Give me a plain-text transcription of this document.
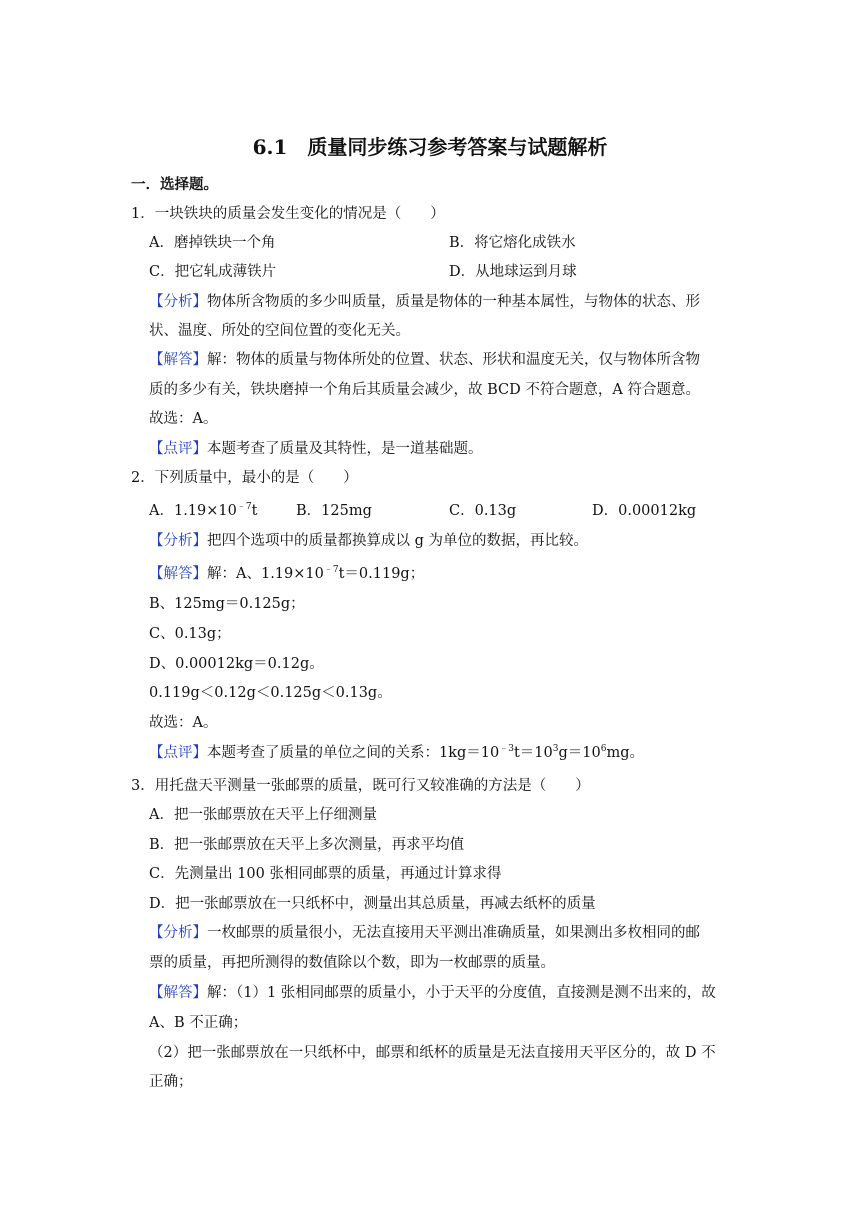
6.1　质量同步练习参考答案与试题解析
一．选择题。
1．一块铁块的质量会发生变化的情况是（　　）
A．磨掉铁块一个角	B．将它熔化成铁水
C．把它轧成薄铁片	D．从地球运到月球
【分析】物体所含物质的多少叫质量，质量是物体的一种基本属性，与物体的状态、形
状、温度、所处的空间位置的变化无关。
【解答】解：物体的质量与物体所处的位置、状态、形状和温度无关，仅与物体所含物
质的多少有关，铁块磨掉一个角后其质量会减少，故 BCD 不符合题意，A 符合题意。
故选：A。
【点评】本题考查了质量及其特性，是一道基础题。
2．下列质量中，最小的是（　　）
A．$1.19\times 10^{﹣7}t$	B．125mg	C．0.13g	D．0.00012kg
【分析】把四个选项中的质量都换算成以 g 为单位的数据，再比较。
【解答】解：A、$1.19\times 10^{﹣7}t=0.119g$；
B、125mg＝0.125g；
C、0.13g；
D、0.00012kg＝0.12g。
0.119g＜0.12g＜0.125g＜0.13g。
故选：A。
【点评】本题考查了质量的单位之间的关系：$1kg=10^{﹣3}t=10^3g=10^6mg$。
3．用托盘天平测量一张邮票的质量，既可行又较准确的方法是（　　）
A．把一张邮票放在天平上仔细测量
B．把一张邮票放在天平上多次测量，再求平均值
C．先测量出 100 张相同邮票的质量，再通过计算求得
D．把一张邮票放在一只纸杯中，测量出其总质量，再减去纸杯的质量
【分析】一枚邮票的质量很小，无法直接用天平测出准确质量，如果测出多枚相同的邮
票的质量，再把所测得的数值除以个数，即为一枚邮票的质量。
【解答】解：（1）1 张相同邮票的质量小，小于天平的分度值，直接测是测不出来的，故
A、B 不正确；
（2）把一张邮票放在一只纸杯中，邮票和纸杯的质量是无法直接用天平区分的，故 D 不
正确；
